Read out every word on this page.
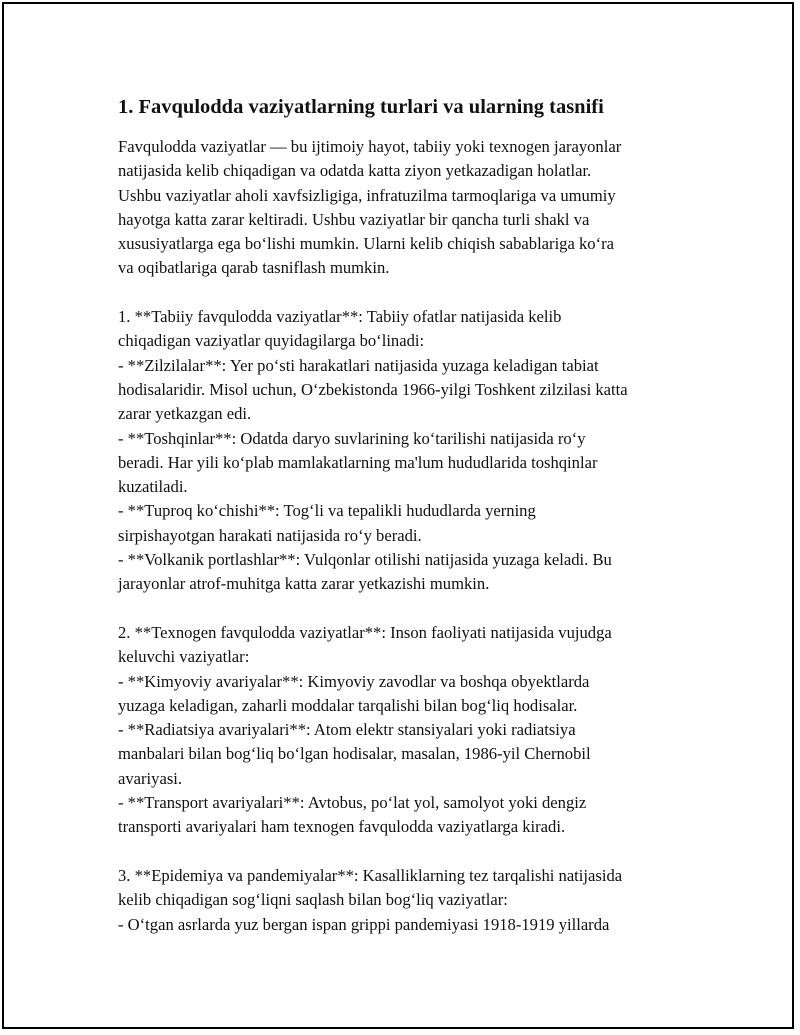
1. Favqulodda vaziyatlarning turlari va ularning tasnifi

Favqulodda vaziyatlar — bu ijtimoiy hayot, tabiiy yoki texnogen jarayonlar
natijasida kelib chiqadigan va odatda katta ziyon yetkazadigan holatlar.
Ushbu vaziyatlar aholi xavfsizligiga, infratuzilma tarmoqlariga va umumiy
hayotga katta zarar keltiradi. Ushbu vaziyatlar bir qancha turli shakl va
xususiyatlarga ega bo‘lishi mumkin. Ularni kelib chiqish sabablariga ko‘ra
va oqibatlariga qarab tasniflash mumkin.

1. **Tabiiy favqulodda vaziyatlar**: Tabiiy ofatlar natijasida kelib
chiqadigan vaziyatlar quyidagilarga bo‘linadi:
- **Zilzilalar**: Yer po‘sti harakatlari natijasida yuzaga keladigan tabiat
hodisalaridir. Misol uchun, O‘zbekistonda 1966-yilgi Toshkent zilzilasi katta
zarar yetkazgan edi.
- **Toshqinlar**: Odatda daryo suvlarining ko‘tarilishi natijasida ro‘y
beradi. Har yili ko‘plab mamlakatlarning ma'lum hududlarida toshqinlar
kuzatiladi.
- **Tuproq ko‘chishi**: Tog‘li va tepalikli hududlarda yerning
sirpishayotgan harakati natijasida ro‘y beradi.
- **Volkanik portlashlar**: Vulqonlar otilishi natijasida yuzaga keladi. Bu
jarayonlar atrof-muhitga katta zarar yetkazishi mumkin.

2. **Texnogen favqulodda vaziyatlar**: Inson faoliyati natijasida vujudga
keluvchi vaziyatlar:
- **Kimyoviy avariyalar**: Kimyoviy zavodlar va boshqa obyektlarda
yuzaga keladigan, zaharli moddalar tarqalishi bilan bog‘liq hodisalar.
- **Radiatsiya avariyalari**: Atom elektr stansiyalari yoki radiatsiya
manbalari bilan bog‘liq bo‘lgan hodisalar, masalan, 1986-yil Chernobil
avariyasi.
- **Transport avariyalari**: Avtobus, po‘lat yol, samolyot yoki dengiz
transporti avariyalari ham texnogen favqulodda vaziyatlarga kiradi.

3. **Epidemiya va pandemiyalar**: Kasalliklarning tez tarqalishi natijasida
kelib chiqadigan sog‘liqni saqlash bilan bog‘liq vaziyatlar:
- O‘tgan asrlarda yuz bergan ispan grippi pandemiyasi 1918-1919 yillarda
